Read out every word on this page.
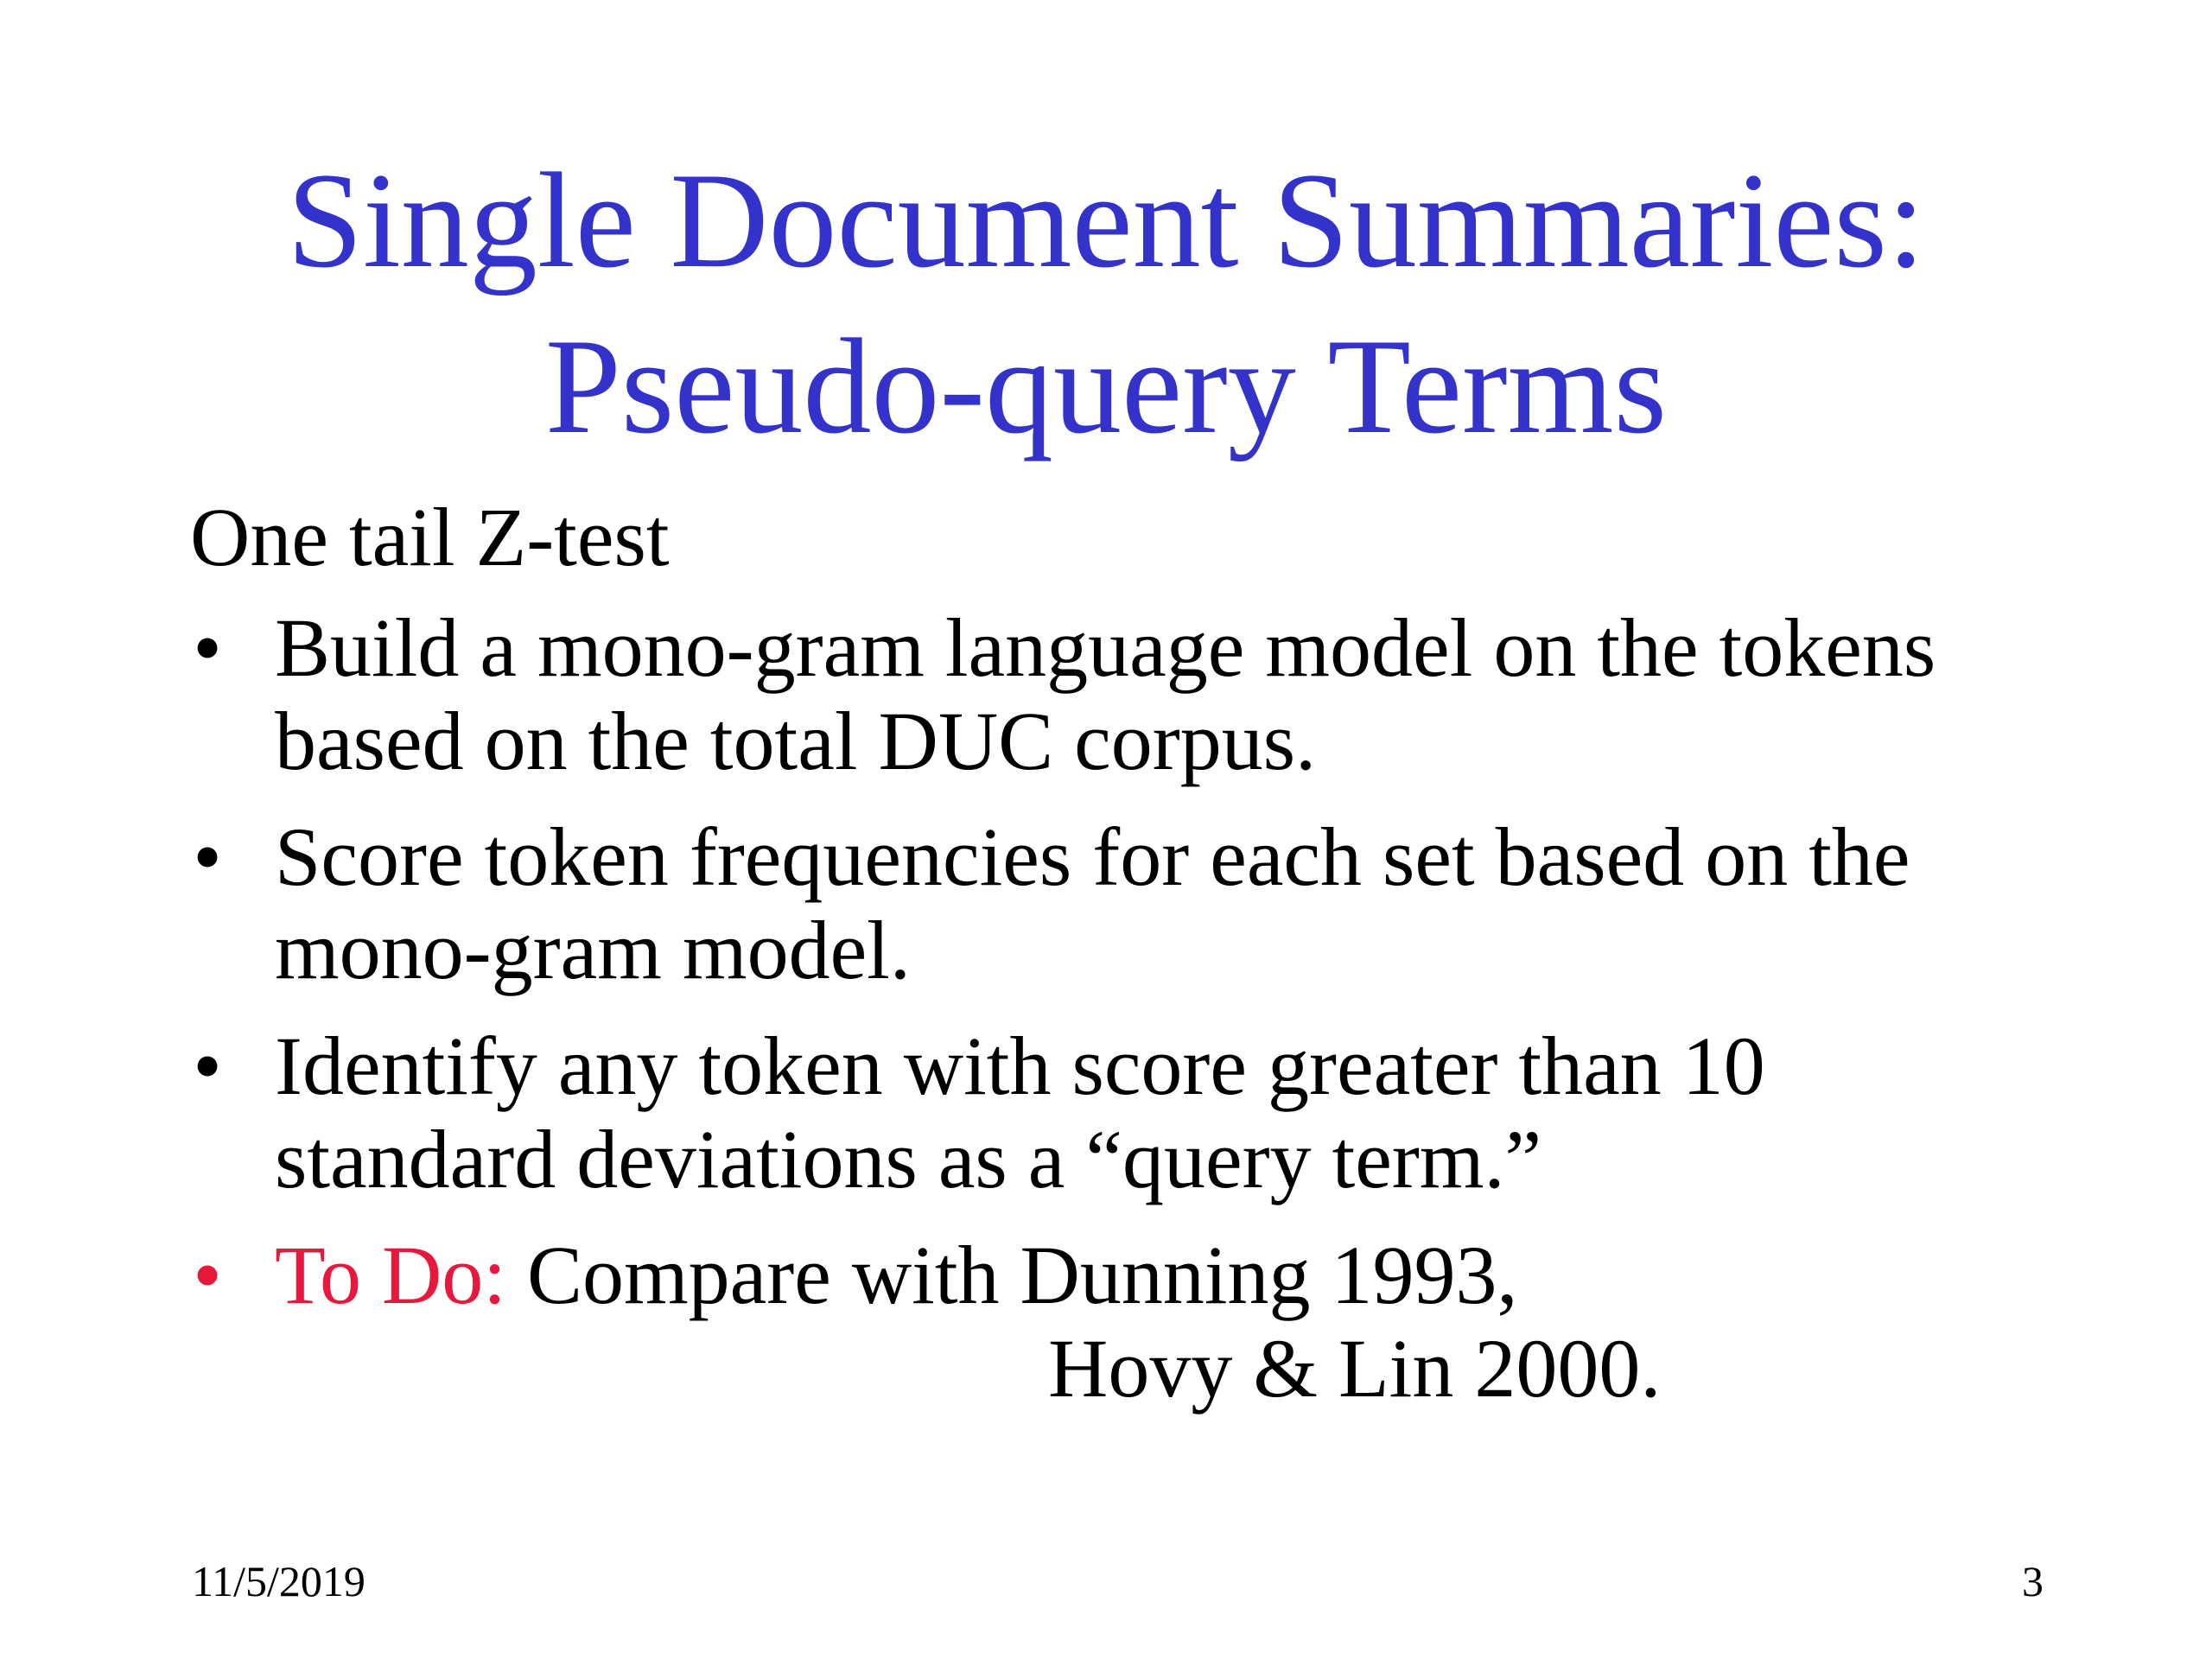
Single Document Summaries:
Pseudo-query Terms

One tail Z-test

• Build a mono-gram language model on the tokens
based on the total DUC corpus.
• Score token frequencies for each set based on the
mono-gram model.
• Identify any token with score greater than 10
standard deviations as a “query term.”
• To Do: Compare with Dunning 1993,
Hovy & Lin 2000.
11/5/2019	3
